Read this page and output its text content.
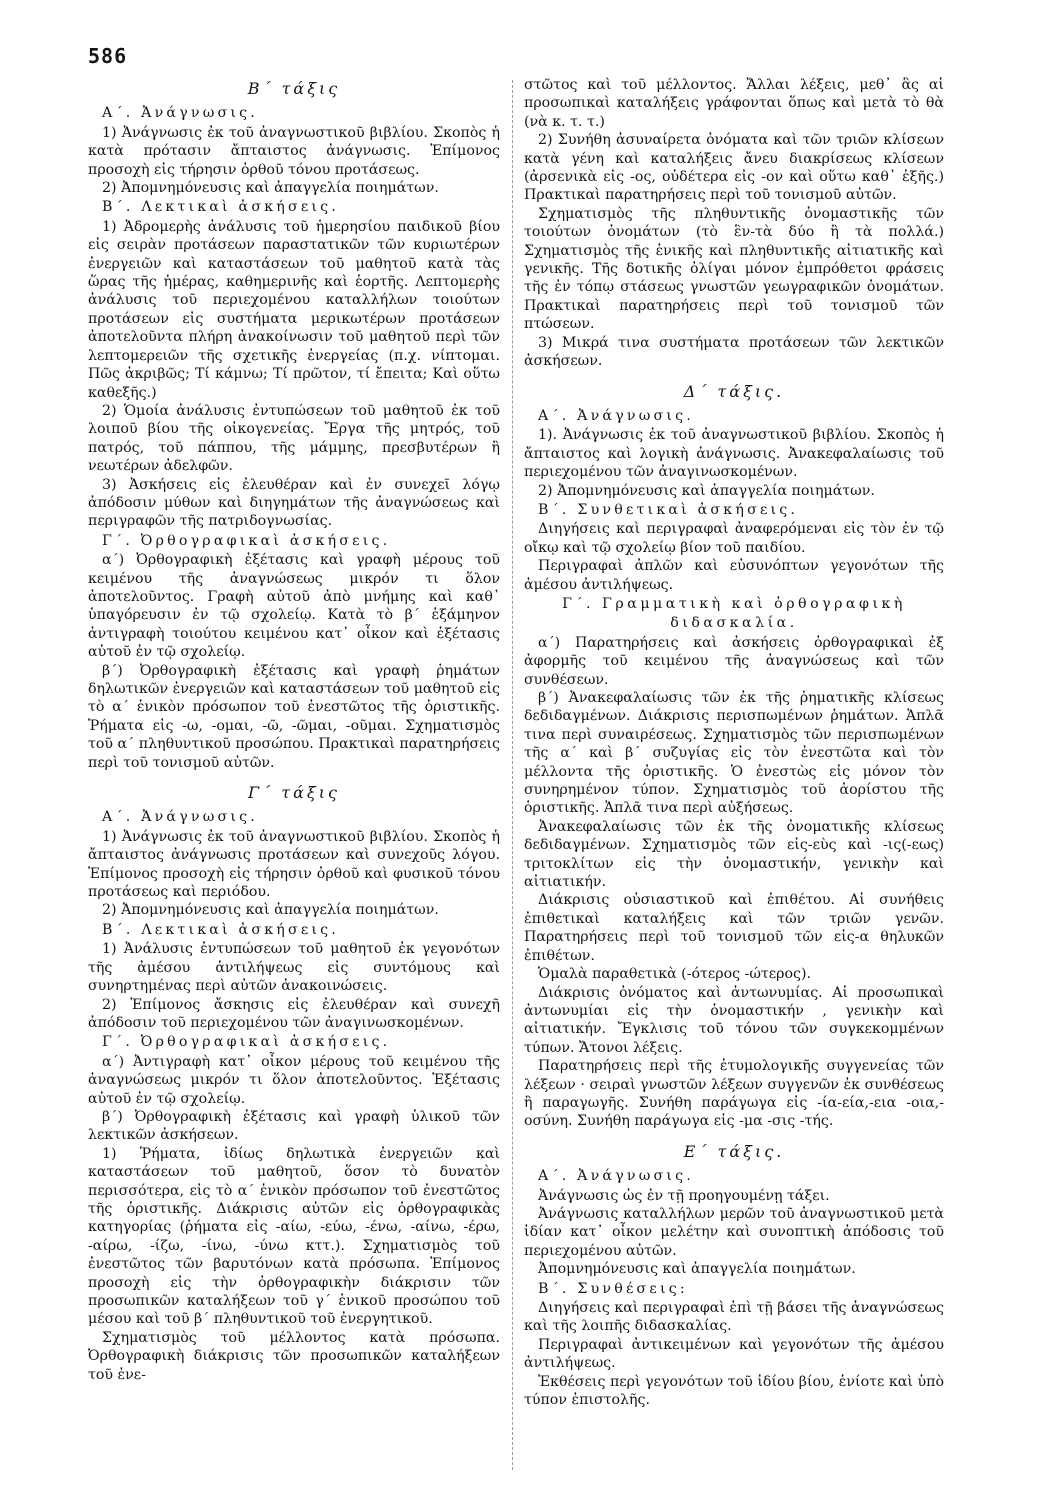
586
B΄ τάξις
Α΄. Ἀνάγνωσις.

1) Ἀνάγνωσις ἐκ τοῦ ἀναγνωστικοῦ βιβλίου. Σκοπὸς ἡ κατὰ πρότασιν ἄπταιστος ἀνάγνωσις. Ἐπίμονος προσοχὴ εἰς τήρησιν ὀρθοῦ τόνου προτάσεως.

2) Ἀπομνημόνευσις καὶ ἀπαγγελία ποιημάτων.

Β΄. Λεκτικαὶ ἀσκήσεις.

1) Ἀδρομερὴς ἀνάλυσις τοῦ ἡμερησίου παιδικοῦ βίου εἰς σειρὰν προτάσεων παραστατικῶν τῶν κυριωτέρων ἐνεργειῶν καὶ καταστάσεων τοῦ μαθητοῦ κατὰ τὰς ὥρας τῆς ἡμέρας, καθημερινῆς καὶ ἑορτῆς. Λεπτομερὴς ἀνάλυσις τοῦ περιεχομένου καταλλήλων τοιούτων προτάσεων εἰς συστήματα μερικωτέρων προτάσεων ἀποτελοῦντα πλήρη ἀνακοίνωσιν τοῦ μαθητοῦ περὶ τῶν λεπτομερειῶν τῆς σχετικῆς ἐνεργείας (π.χ. νίπτομαι. Πῶς ἀκριβῶς; Τί κάμνω; Τί πρῶτον, τί ἔπειτα; Καὶ οὕτω καθεξῆς.)

2) Ὁμοία ἀνάλυσις ἐντυπώσεων τοῦ μαθητοῦ ἐκ τοῦ λοιποῦ βίου τῆς οἰκογενείας. Ἔργα τῆς μητρός, τοῦ πατρός, τοῦ πάππου, τῆς μάμμης, πρεσβυτέρων ἢ νεωτέρων ἀδελφῶν.

3) Ἀσκήσεις εἰς ἐλευθέραν καὶ ἐν συνεχεῖ λόγῳ ἀπόδοσιν μύθων καὶ διηγημάτων τῆς ἀναγνώσεως καὶ περιγραφῶν τῆς πατριδογνωσίας.

Γ΄. Ὀρθογραφικαὶ ἀσκήσεις.

α΄) Ὀρθογραφικὴ ἐξέτασις καὶ γραφὴ μέρους τοῦ κειμένου τῆς ἀναγνώσεως μικρόν τι ὅλον ἀποτελοῦντος. Γραφὴ αὐτοῦ ἀπὸ μνήμης καὶ καθ᾽ ὑπαγόρευσιν ἐν τῷ σχολείῳ. Κατὰ τὸ β΄ ἑξάμηνον ἀντιγραφὴ τοιούτου κειμένου κατ᾽ οἶκον καὶ ἐξέτασις αὐτοῦ ἐν τῷ σχολείῳ.

β΄) Ὀρθογραφικὴ ἐξέτασις καὶ γραφὴ ῥημάτων δηλωτικῶν ἐνεργειῶν καὶ καταστάσεων τοῦ μαθητοῦ εἰς τὸ α΄ ἑνικὸν πρόσωπον τοῦ ἐνεστῶτος τῆς ὁριστικῆς. Ῥήματα εἰς -ω, -ομαι, -ῶ, -ῶμαι, -οῦμαι. Σχηματισμὸς τοῦ α΄ πληθυντικοῦ προσώπου. Πρακτικαὶ παρατηρήσεις περὶ τοῦ τονισμοῦ αὐτῶν.

Γ΄ τάξις
Α΄. Ἀνάγνωσις.

1) Ἀνάγνωσις ἐκ τοῦ ἀναγνωστικοῦ βιβλίου. Σκοπὸς ἡ ἄπταιστος ἀνάγνωσις προτάσεων καὶ συνεχοῦς λόγου. Ἐπίμονος προσοχὴ εἰς τήρησιν ὀρθοῦ καὶ φυσικοῦ τόνου προτάσεως καὶ περιόδου.

2) Ἀπομνημόνευσις καὶ ἀπαγγελία ποιημάτων.

Β΄. Λεκτικαὶ ἀσκήσεις.

1) Ἀνάλυσις ἐντυπώσεων τοῦ μαθητοῦ ἐκ γεγονότων τῆς ἀμέσου ἀντιλήψεως εἰς συντόμους καὶ συνηρτημένας περὶ αὐτῶν ἀνακοινώσεις.

2) Ἐπίμονος ἄσκησις εἰς ἐλευθέραν καὶ συνεχῆ ἀπόδοσιν τοῦ περιεχομένου τῶν ἀναγινωσκομένων.

Γ΄. Ὀρθογραφικαὶ ἀσκήσεις.

α΄) Ἀντιγραφὴ κατ᾽ οἶκον μέρους τοῦ κειμένου τῆς ἀναγνώσεως μικρόν τι ὅλον ἀποτελοῦντος. Ἐξέτασις αὐτοῦ ἐν τῷ σχολείῳ.

β΄) Ὀρθογραφικὴ ἐξέτασις καὶ γραφὴ ὑλικοῦ τῶν λεκτικῶν ἀσκήσεων.

1) Ῥήματα, ἰδίως δηλωτικὰ ἐνεργειῶν καὶ καταστάσεων τοῦ μαθητοῦ, ὅσον τὸ δυνατὸν περισσότερα, εἰς τὸ α΄ ἑνικὸν πρόσωπον τοῦ ἐνεστῶτος τῆς ὁριστικῆς. Διάκρισις αὐτῶν εἰς ὀρθογραφικὰς κατηγορίας (ῥήματα εἰς -αίω, -εύω, -ένω, -αίνω, -έρω, -αίρω, -ίζω, -ίνω, -ύνω κττ.). Σχηματισμὸς τοῦ ἐνεστῶτος τῶν βαρυτόνων κατὰ πρόσωπα. Ἐπίμονος προσοχὴ εἰς τὴν ὀρθογραφικὴν διάκρισιν τῶν προσωπικῶν καταλήξεων τοῦ γ΄ ἑνικοῦ προσώπου τοῦ μέσου καὶ τοῦ β΄ πληθυντικοῦ τοῦ ἐνεργητικοῦ.

Σχηματισμὸς τοῦ μέλλοντος κατὰ πρόσωπα. Ὀρθογραφικὴ διάκρισις τῶν προσωπικῶν καταλήξεων τοῦ ἐνε-

στῶτος καὶ τοῦ μέλλοντος. Ἄλλαι λέξεις, μεθ᾽ ἃς αἱ προσωπικαὶ καταλήξεις γράφονται ὅπως καὶ μετὰ τὸ θὰ (νὰ κ. τ. τ.)

2) Συνήθη ἀσυναίρετα ὀνόματα καὶ τῶν τριῶν κλίσεων κατὰ γένη καὶ καταλήξεις ἄνευ διακρίσεως κλίσεων (ἀρσενικὰ εἰς -ος, οὐδέτερα εἰς -ον καὶ οὕτω καθ᾽ ἑξῆς.) Πρακτικαὶ παρατηρήσεις περὶ τοῦ τονισμοῦ αὐτῶν.

Σχηματισμὸς τῆς πληθυντικῆς ὀνομαστικῆς τῶν τοιούτων ὀνομάτων (τὸ ἓν-τὰ δύο ἢ τὰ πολλά.) Σχηματισμὸς τῆς ἑνικῆς καὶ πληθυντικῆς αἰτιατικῆς καὶ γενικῆς. Τῆς δοτικῆς ὀλίγαι μόνον ἐμπρόθετοι φράσεις τῆς ἐν τόπῳ στάσεως γνωστῶν γεωγραφικῶν ὀνομάτων. Πρακτικαὶ παρατηρήσεις περὶ τοῦ τονισμοῦ τῶν πτώσεων.

3) Μικρά τινα συστήματα προτάσεων τῶν λεκτικῶν ἀσκήσεων.

Δ΄ τάξις.
Α΄. Ἀνάγνωσις.

1). Ἀνάγνωσις ἐκ τοῦ ἀναγνωστικοῦ βιβλίου. Σκοπὸς ἡ ἄπταιστος καὶ λογικὴ ἀνάγνωσις. Ἀνακεφαλαίωσις τοῦ περιεχομένου τῶν ἀναγινωσκομένων.

2) Ἀπομνημόνευσις καὶ ἀπαγγελία ποιημάτων.

Β΄. Συνθετικαὶ ἀσκήσεις.

Διηγήσεις καὶ περιγραφαὶ ἀναφερόμεναι εἰς τὸν ἐν τῷ οἴκῳ καὶ τῷ σχολείῳ βίον τοῦ παιδίου.

Περιγραφαὶ ἁπλῶν καὶ εὐσυνόπτων γεγονότων τῆς ἀμέσου ἀντιλήψεως.

Γ΄. Γραμματικὴ καὶ ὀρθογραφικὴ
διδασκαλία.

α΄) Παρατηρήσεις καὶ ἀσκήσεις ὀρθογραφικαὶ ἐξ ἀφορμῆς τοῦ κειμένου τῆς ἀναγνώσεως καὶ τῶν συνθέσεων.

β΄) Ἀνακεφαλαίωσις τῶν ἐκ τῆς ῥηματικῆς κλίσεως δεδιδαγμένων. Διάκρισις περισπωμένων ῥημάτων. Ἁπλᾶ τινα περὶ συναιρέσεως. Σχηματισμὸς τῶν περισπωμένων τῆς α΄ καὶ β΄ συζυγίας εἰς τὸν ἐνεστῶτα καὶ τὸν μέλλοντα τῆς ὁριστικῆς. Ὁ ἐνεστὼς εἰς μόνον τὸν συνηρημένον τύπον. Σχηματισμὸς τοῦ ἀορίστου τῆς ὁριστικῆς. Ἁπλᾶ τινα περὶ αὐξήσεως.

Ἀνακεφαλαίωσις τῶν ἐκ τῆς ὀνοματικῆς κλίσεως δεδιδαγμένων. Σχηματισμὸς τῶν εἰς-εὺς καὶ -ις(-εως) τριτοκλίτων εἰς τὴν ὀνομαστικήν, γενικὴν καὶ αἰτιατικήν.

Διάκρισις οὐσιαστικοῦ καὶ ἐπιθέτου. Αἱ συνήθεις ἐπιθετικαὶ καταλήξεις καὶ τῶν τριῶν γενῶν. Παρατηρήσεις περὶ τοῦ τονισμοῦ τῶν εἰς-α θηλυκῶν ἐπιθέτων.

Ὁμαλὰ παραθετικὰ (-ότερος -ώτερος).

Διάκρισις ὀνόματος καὶ ἀντωνυμίας. Αἱ προσωπικαὶ ἀντωνυμίαι εἰς τὴν ὀνομαστικήν , γενικὴν καὶ αἰτιατικήν. Ἔγκλισις τοῦ τόνου τῶν συγκεκομμένων τύπων. Ἄτονοι λέξεις.

Παρατηρήσεις περὶ τῆς ἐτυμολογικῆς συγγενείας τῶν λέξεων · σειραὶ γνωστῶν λέξεων συγγενῶν ἐκ συνθέσεως ἢ παραγωγῆς. Συνήθη παράγωγα εἰς -ία-εία,-εια -οια,-οσύνη. Συνήθη παράγωγα εἰς -μα -σις -τής.

Ε΄ τάξις.
Α΄. Ἀνάγνωσις.

Ἀνάγνωσις ὡς ἐν τῇ προηγουμένῃ τάξει.

Ἀνάγνωσις καταλλήλων μερῶν τοῦ ἀναγνωστικοῦ μετὰ ἰδίαν κατ᾽ οἶκον μελέτην καὶ συνοπτικὴ ἀπόδοσις τοῦ περιεχομένου αὐτῶν.

Ἀπομνημόνευσις καὶ ἀπαγγελία ποιημάτων.

Β΄. Συνθέσεις:

Διηγήσεις καὶ περιγραφαὶ ἐπὶ τῇ βάσει τῆς ἀναγνώσεως καὶ τῆς λοιπῆς διδασκαλίας.

Περιγραφαὶ ἀντικειμένων καὶ γεγονότων τῆς ἀμέσου ἀντιλήψεως.

Ἐκθέσεις περὶ γεγονότων τοῦ ἰδίου βίου, ἐνίοτε καὶ ὑπὸ τύπον ἐπιστολῆς.
